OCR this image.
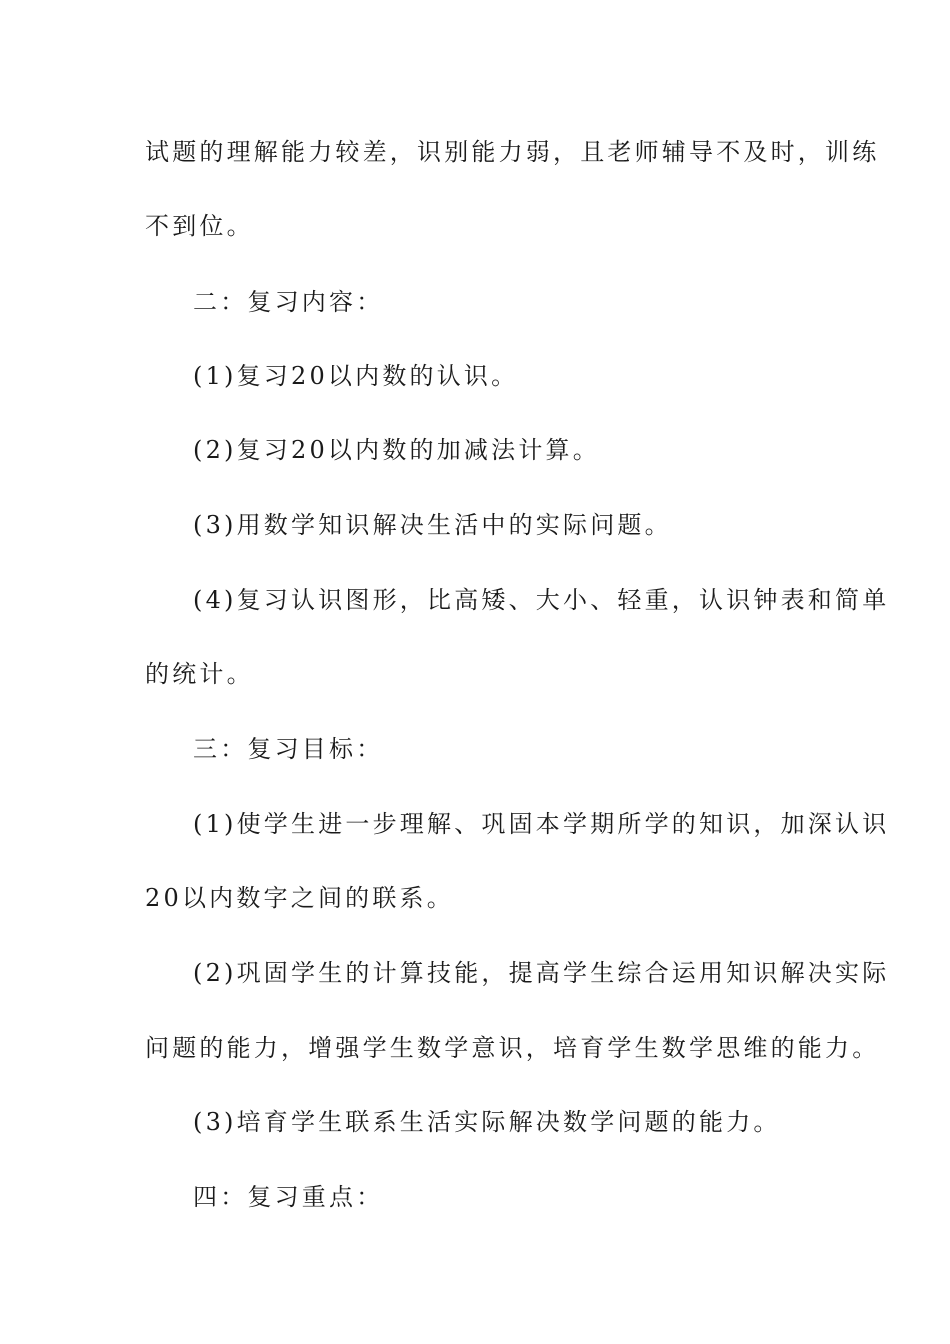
试题的理解能力较差，识别能力弱，且老师辅导不及时，训练
不到位。
二：复习内容：
(1)复习20以内数的认识。
(2)复习20以内数的加减法计算。
(3)用数学知识解决生活中的实际问题。
(4)复习认识图形，比高矮、大小、轻重，认识钟表和简单
的统计。
三：复习目标：
(1)使学生进一步理解、巩固本学期所学的知识，加深认识
20以内数字之间的联系。
(2)巩固学生的计算技能，提高学生综合运用知识解决实际
问题的能力，增强学生数学意识，培育学生数学思维的能力。
(3)培育学生联系生活实际解决数学问题的能力。
四：复习重点：
